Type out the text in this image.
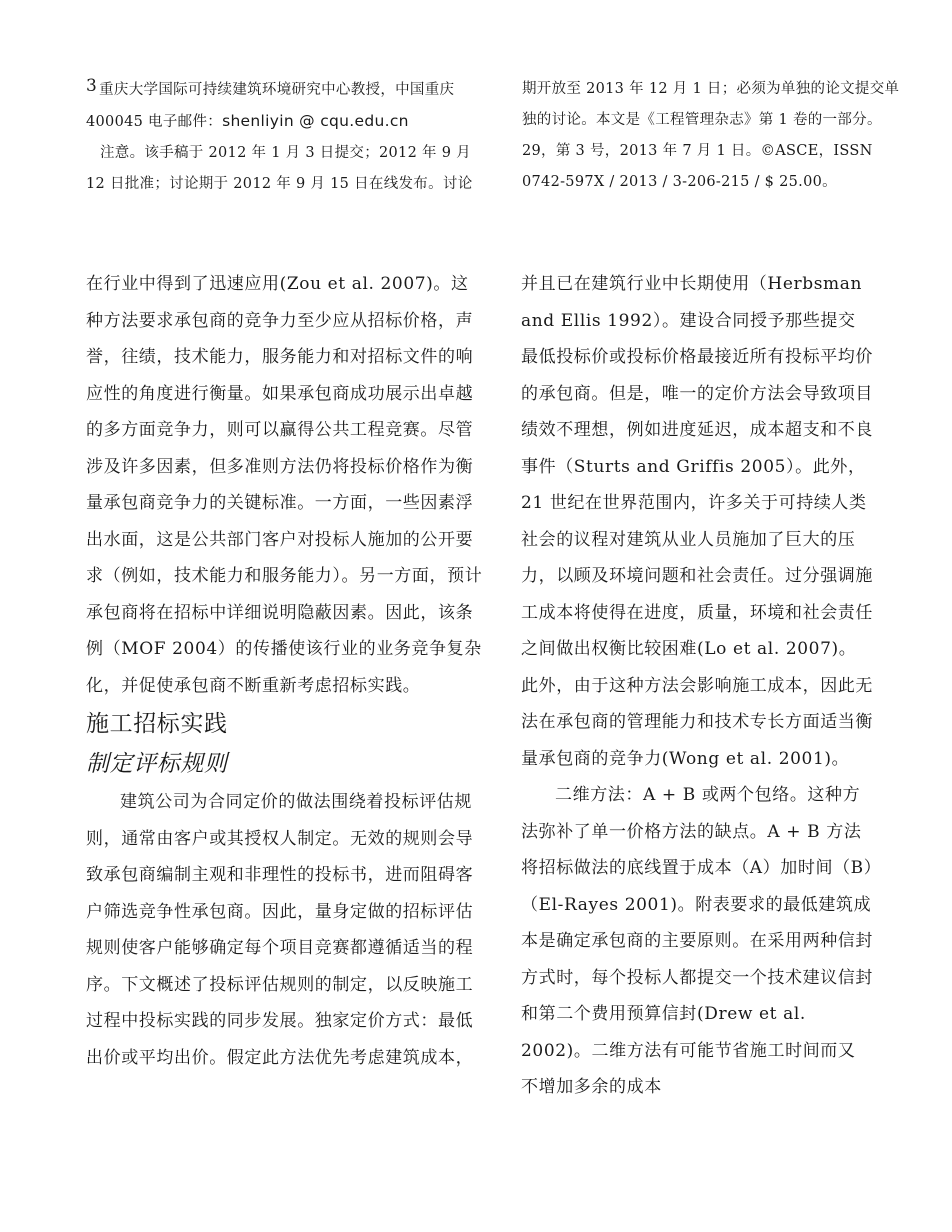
3 重庆大学国际可持续建筑环境研究中心教授，中国重庆 400045 电子邮件：shenliyin @ cqu.edu.cn

注意。该手稿于 2012 年 1 月 3 日提交；2012 年 9 月 12 日批准；讨论期于 2012 年 9 月 15 日在线发布。讨论

期开放至 2013 年 12 月 1 日；必须为单独的论文提交单独的讨论。本文是《工程管理杂志》第 1 卷的一部分。29，第 3 号，2013 年 7 月 1 日。©ASCE，ISSN 0742-597X / 2013 / 3-206-215 / $ 25.00。

在行业中得到了迅速应用(Zou et al. 2007)。这种方法要求承包商的竞争力至少应从招标价格，声誉，往绩，技术能力，服务能力和对招标文件的响应性的角度进行衡量。如果承包商成功展示出卓越的多方面竞争力，则可以赢得公共工程竞赛。尽管涉及许多因素，但多准则方法仍将投标价格作为衡量承包商竞争力的关键标准。一方面，一些因素浮出水面，这是公共部门客户对投标人施加的公开要求（例如，技术能力和服务能力）。另一方面，预计承包商将在招标中详细说明隐蔽因素。因此，该条例（MOF 2004）的传播使该行业的业务竞争复杂化，并促使承包商不断重新考虑招标实践。

施工招标实践
制定评标规则

建筑公司为合同定价的做法围绕着投标评估规则，通常由客户或其授权人制定。无效的规则会导致承包商编制主观和非理性的投标书，进而阻碍客户筛选竞争性承包商。因此，量身定做的招标评估规则使客户能够确定每个项目竞赛都遵循适当的程序。下文概述了投标评估规则的制定，以反映施工过程中投标实践的同步发展。独家定价方式：最低出价或平均出价。假定此方法优先考虑建筑成本，

并且已在建筑行业中长期使用（Herbsman and Ellis 1992）。建设合同授予那些提交最低投标价或投标价格最接近所有投标平均价的承包商。但是，唯一的定价方法会导致项目绩效不理想，例如进度延迟，成本超支和不良事件（Sturts and Griffis 2005）。此外，21 世纪在世界范围内，许多关于可持续人类社会的议程对建筑从业人员施加了巨大的压力，以顾及环境问题和社会责任。过分强调施工成本将使得在进度，质量，环境和社会责任之间做出权衡比较困难(Lo et al. 2007)。此外，由于这种方法会影响施工成本，因此无法在承包商的管理能力和技术专长方面适当衡量承包商的竞争力(Wong et al. 2001)。

二维方法：A + B 或两个包络。这种方法弥补了单一价格方法的缺点。A + B 方法将招标做法的底线置于成本（A）加时间（B）（El-Rayes 2001)。附表要求的最低建筑成本是确定承包商的主要原则。在采用两种信封方式时，每个投标人都提交一个技术建议信封和第二个费用预算信封(Drew et al. 2002)。二维方法有可能节省施工时间而又不增加多余的成本
